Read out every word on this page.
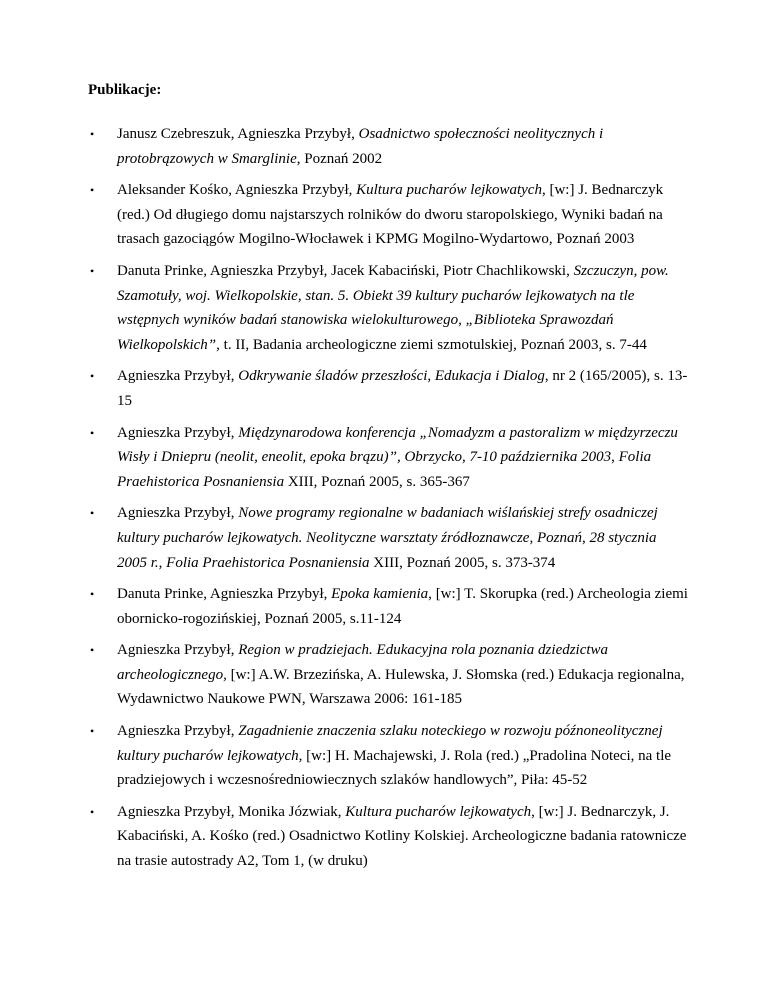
Publikacje:
• Janusz Czebreszuk, Agnieszka Przybył, Osadnictwo społeczności neolitycznych i protobrązowych w Smarglinie, Poznań 2002
• Aleksander Kośko, Agnieszka Przybył, Kultura pucharów lejkowatych, [w:] J. Bednarczyk (red.) Od długiego domu najstarszych rolników do dworu staropolskiego, Wyniki badań na trasach gazociągów Mogilno-Włocławek i KPMG Mogilno-Wydartowo, Poznań 2003
• Danuta Prinke, Agnieszka Przybył, Jacek Kabaciński, Piotr Chachlikowski, Szczuczyn, pow. Szamotuły, woj. Wielkopolskie, stan. 5. Obiekt 39 kultury pucharów lejkowatych na tle wstępnych wyników badań stanowiska wielokulturowego, „Biblioteka Sprawozdań Wielkopolskich”, t. II, Badania archeologiczne ziemi szmotulskiej, Poznań 2003, s. 7-44
• Agnieszka Przybył, Odkrywanie śladów przeszłości, Edukacja i Dialog, nr 2 (165/2005), s. 13-15
• Agnieszka Przybył, Międzynarodowa konferencja „Nomadyzm a pastoralizm w międzyrzeczu Wisły i Dniepru (neolit, eneolit, epoka brązu)”, Obrzycko, 7-10 października 2003, Folia Praehistorica Posnaniensia XIII, Poznań 2005, s. 365-367
• Agnieszka Przybył, Nowe programy regionalne w badaniach wiślańskiej strefy osadniczej kultury pucharów lejkowatych. Neolityczne warsztaty źródłoznawcze, Poznań, 28 stycznia 2005 r., Folia Praehistorica Posnaniensia XIII, Poznań 2005, s. 373-374
• Danuta Prinke, Agnieszka Przybył, Epoka kamienia, [w:] T. Skorupka (red.) Archeologia ziemi obornicko-rogozińskiej, Poznań 2005, s.11-124
• Agnieszka Przybył, Region w pradziejach. Edukacyjna rola poznania dziedzictwa archeologicznego, [w:] A.W. Brzezińska, A. Hulewska, J. Słomska (red.) Edukacja regionalna, Wydawnictwo Naukowe PWN, Warszawa 2006: 161-185
• Agnieszka Przybył, Zagadnienie znaczenia szlaku noteckiego w rozwoju późnoneolitycznej kultury pucharów lejkowatych, [w:] H. Machajewski, J. Rola (red.) „Pradolina Noteci, na tle pradziejowych i wczesnośredniowiecznych szlaków handlowych”, Piła: 45-52
• Agnieszka Przybył, Monika Józwiak, Kultura pucharów lejkowatych, [w:] J. Bednarczyk, J. Kabaciński, A. Kośko (red.) Osadnictwo Kotliny Kolskiej. Archeologiczne badania ratownicze na trasie autostrady A2, Tom 1, (w druku)
